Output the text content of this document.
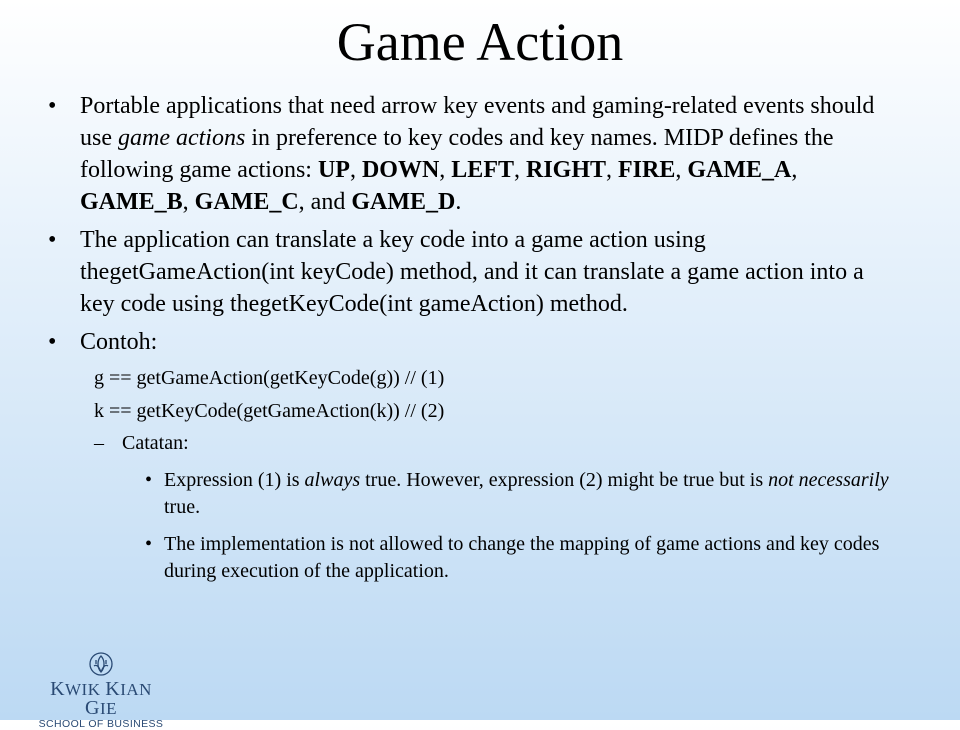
Game Action
• Portable applications that need arrow key events and gaming-related events should use game actions in preference to key codes and key names. MIDP defines the following game actions: UP, DOWN, LEFT, RIGHT, FIRE, GAME_A, GAME_B, GAME_C, and GAME_D.
• The application can translate a key code into a game action using thegetGameAction(int keyCode) method, and it can translate a game action into a key code using thegetKeyCode(int gameAction) method.
• Contoh:
g == getGameAction(getKeyCode(g)) // (1)
k == getKeyCode(getGameAction(k)) // (2)
– Catatan:
• Expression (1) is always true. However, expression (2) might be true but is not necessarily true.
• The implementation is not allowed to change the mapping of game actions and key codes during execution of the application.
KWIK KIAN GIE
SCHOOL OF BUSINESS
